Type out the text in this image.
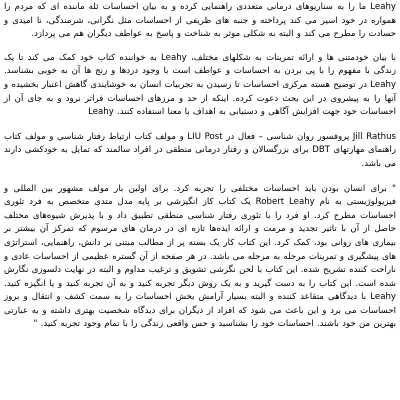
Leahy ما را به سناریوهای درمانی متعددی راهنمایی کرده و به بیان احساسات ثله ماننده ای که مردم را همواره در خود اسیر می کند پرداخته و جنبه های ظریفی از احساسات مثل نگرانی، شرمندگی، نا امیدی و حسادت را مطرح می کند و البته به شکلی موثر به شناخت و پاسخ به عواطف دیگران هم می پردازد.

با بیان خودمتنی ها و ارائه تمرینات به شکلهای مختلف، Leahy به خواننده کتاب خود کمک می کند تا یک زندگی با مفهوم را با پی بردن به احساسات و عواطف است با وجود دردها و رنج ها آن به خوبی بشناسد. Leahy در توضیح هسته مرکزی احساسات تا رسیدن به تجربیات انسان به خوشایندی گاهش اعتبار بخشیده و آنها را به پیشروی در این بحث دعوت کرده. اینکه از حد و مرزهای احساسات فراتر نرود و به جای آن از احساسات خود جهت افزایش آگاهی و دستیابی به اهداف با معنا استفاده کنند. Leahy

Jill Rathus پروفسور روان شناسی – فعال در LIU Post و مولف کتاب ارتباط رفتار شناسی و مولف کتاب راهنمای مهارتهای DBT برای بزرگسالان و رفتار درمانی منطقی در افراد سالمند که تمایل به خودکشی دارند می باشد.

" برای انسان بودن باید احساسات مختلفی را تجربه کرد. برای اولین بار مولف مشهور بین المللی و فیزیولوژیستی به نام Robert Leahy یک کتاب کاز انگیزشی بر پایه مدل متدی متخصص به فرد تئوری احساسات مطرح کرد. او فرد را با تئوری رفتار شناسی منطقی تطبیق داد و با پذیرش شیوه‌های مختلف حاصل از آن با تاثیر تجدید و مرمت و ارائه ایده‌ها تازه ای در درمان های مرسوم که تمرکز آن بیشتر بر بیماری های روانی بود، کمک کرد. این کتاب کار یک بسته پر از مطالب مبتنی بر دانش، راهنمایی، استراتژی های پیشگیری و تمرینات مرحله به مرحله می باشد. در هر صفحه از آن گستره عظیمی از احساسات عادی و ناراحت کننده تشریح شده. این کتاب با لحن نگرشی تشویق و ترغیب مداوم و البته در نهایت دلسوزی نگارش شده است. این کتاب را به دست گیرید و به یک روش دیگر تجربه کنید و به آن تجربه کنید و یا انگیزه کنید. Leahy با دیدگاهی متقاعد کننده و البته بسیار آرامش بخش احساسات را به سمت کشف و انتقال و بروز احساسات می برد و این باعث می شود که افراد از دیگران برای دیدگاه شخصیت بهتری داشته و به عبارتی بهترین من خود باشند. احساسات خود را بشناسید و حس واقعی زندگی را با تمام وجود تجربه کنید. "
